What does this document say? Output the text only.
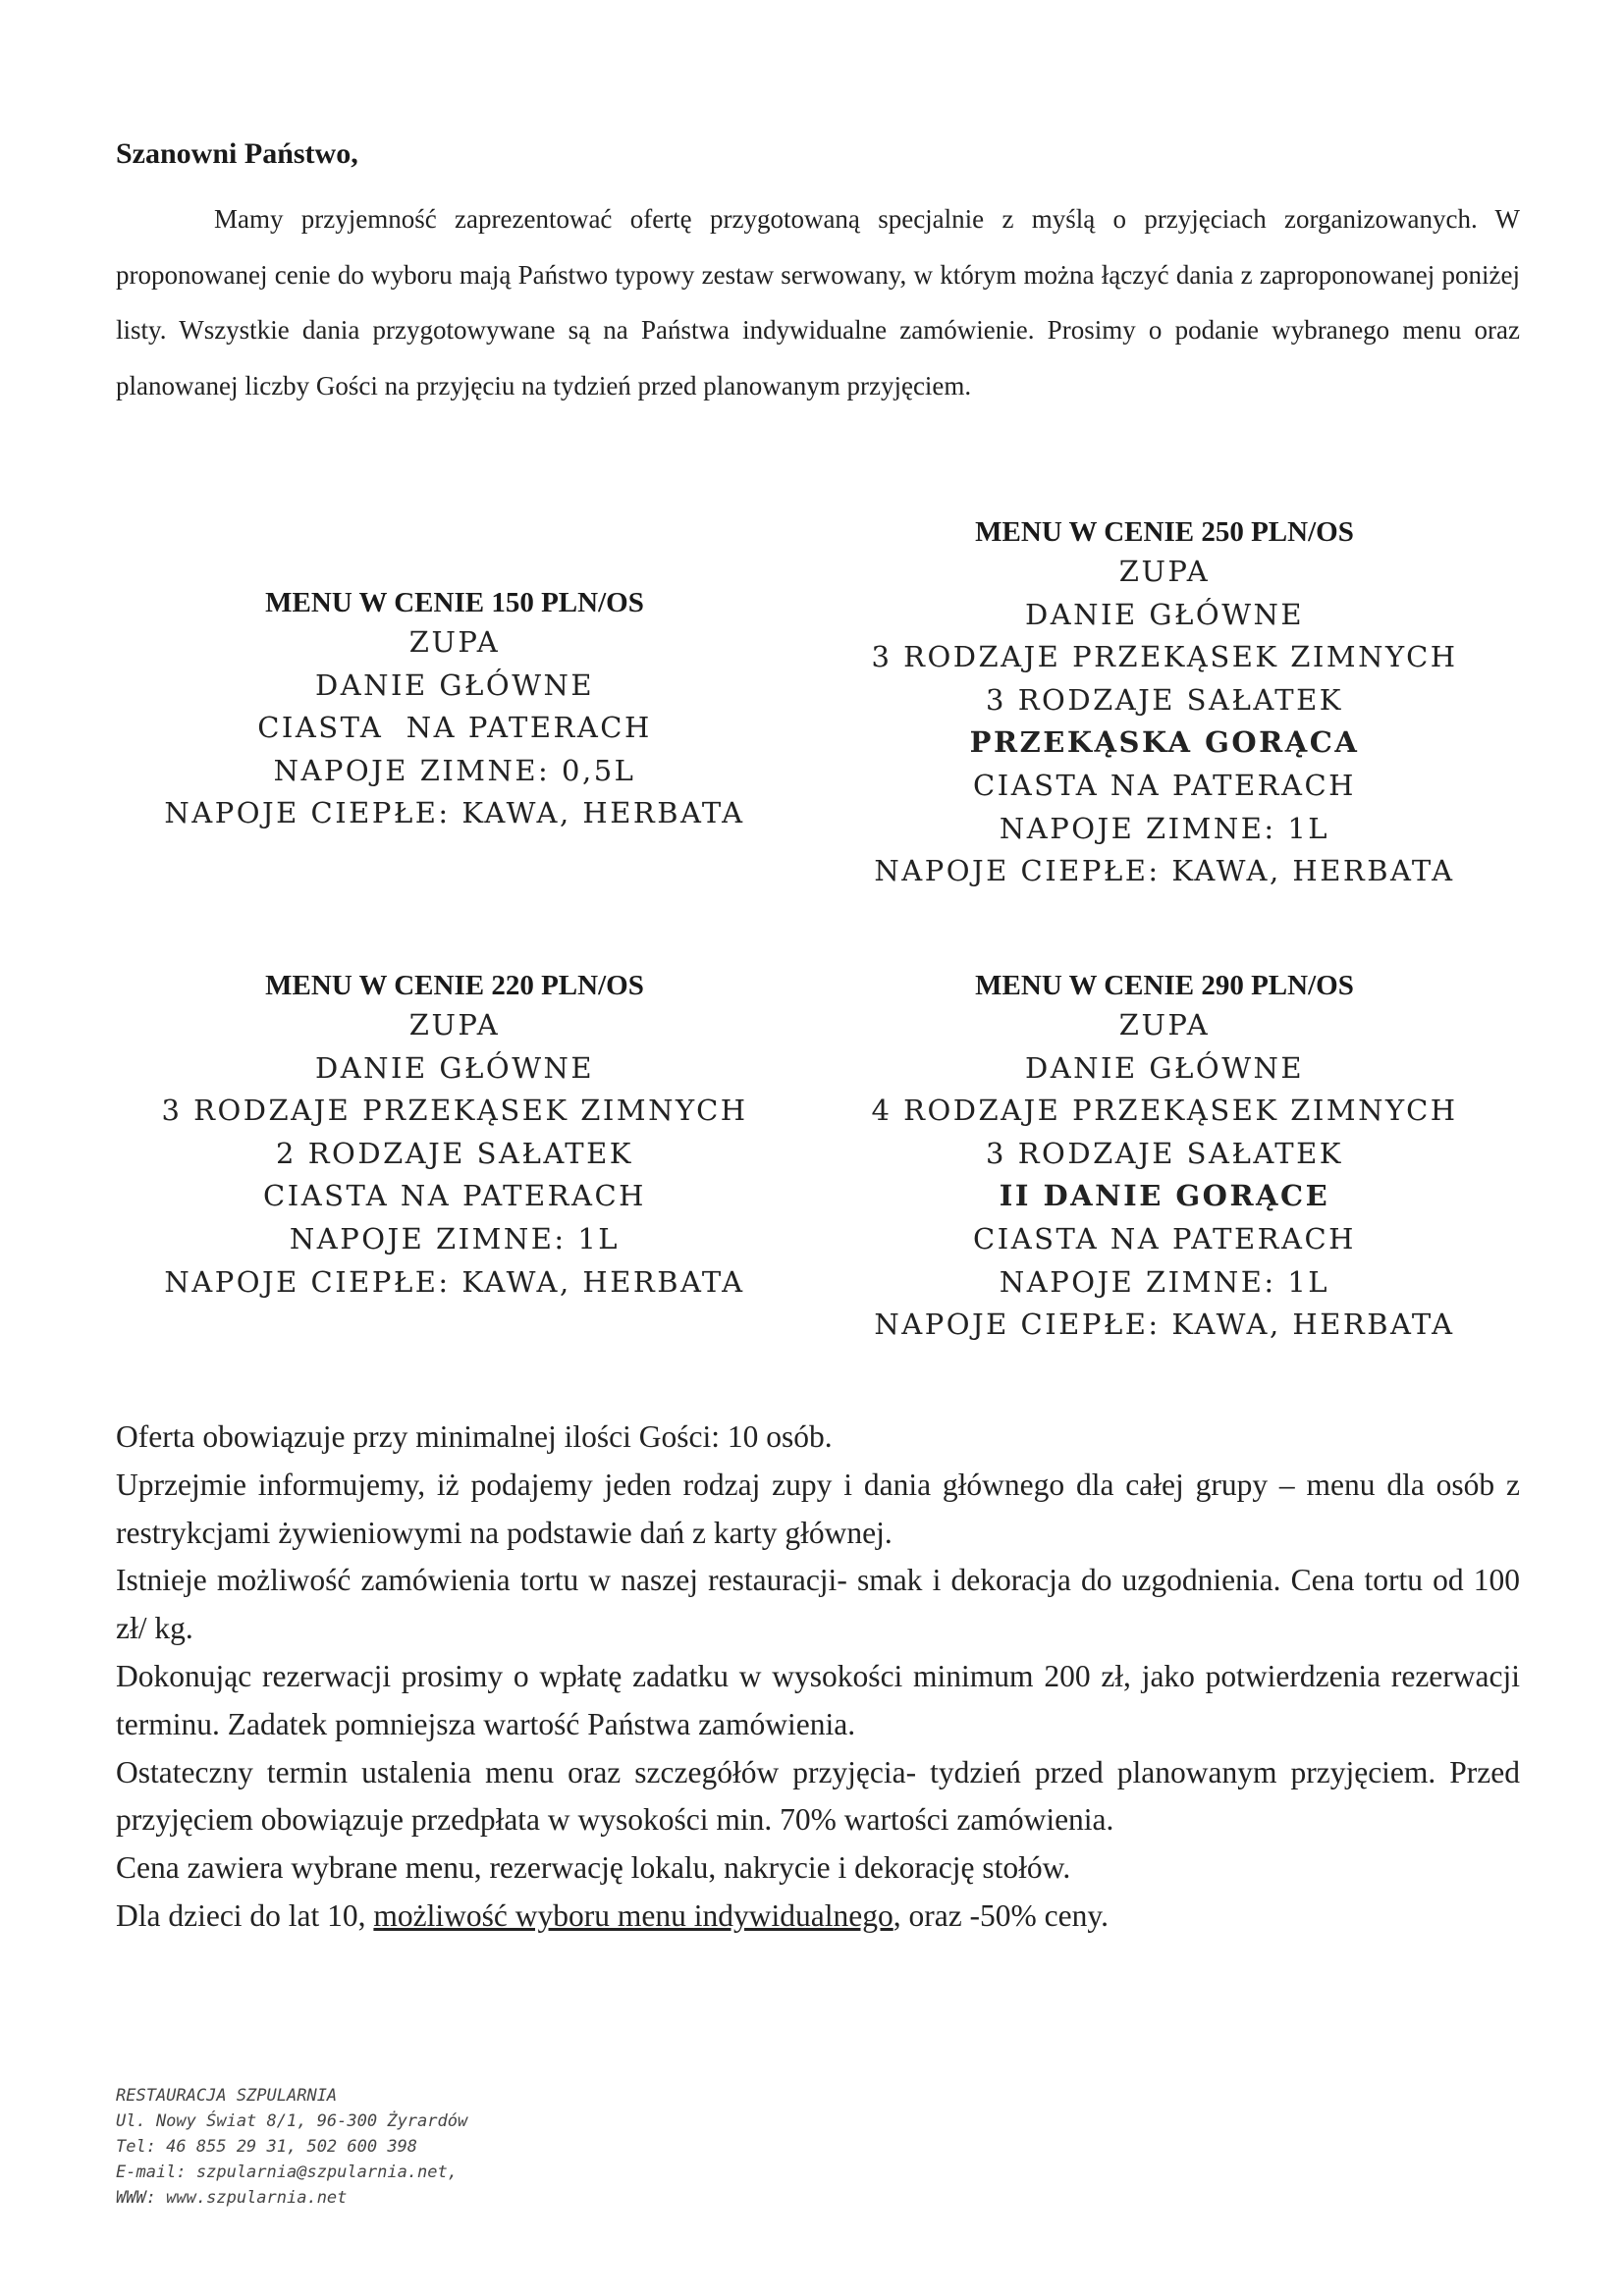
Szanowni Państwo,
Mamy przyjemność zaprezentować ofertę przygotowaną specjalnie z myślą o przyjęciach zorganizowanych. W proponowanej cenie do wyboru mają Państwo typowy zestaw serwowany, w którym można łączyć dania z zaproponowanej poniżej listy. Wszystkie dania przygotowywane są na Państwa indywidualne zamówienie. Prosimy o podanie wybranego menu oraz planowanej liczby Gości na przyjęciu na tydzień przed planowanym przyjęciem.
MENU W CENIE 150 PLN/OS
ZUPA
DANIE GŁÓWNE
CIASTA  NA PATERACH
NAPOJE ZIMNE: 0,5L
NAPOJE CIEPŁE: KAWA, HERBATA
MENU W CENIE 250 PLN/OS
ZUPA
DANIE GŁÓWNE
3 RODZAJE PRZEKĄSEK ZIMNYCH
3 RODZAJE SAŁATEK
PRZEKĄSKA GORĄCA
CIASTA NA PATERACH
NAPOJE ZIMNE: 1L
NAPOJE CIEPŁE: KAWA, HERBATA
MENU W CENIE 220 PLN/OS
ZUPA
DANIE GŁÓWNE
3 RODZAJE PRZEKĄSEK ZIMNYCH
2 RODZAJE SAŁATEK
CIASTA NA PATERACH
NAPOJE ZIMNE: 1L
NAPOJE CIEPŁE: KAWA, HERBATA
MENU W CENIE 290 PLN/OS
ZUPA
DANIE GŁÓWNE
4 RODZAJE PRZEKĄSEK ZIMNYCH
3 RODZAJE SAŁATEK
II DANIE GORĄCE
CIASTA NA PATERACH
NAPOJE ZIMNE: 1L
NAPOJE CIEPŁE: KAWA, HERBATA

Oferta obowiązuje przy minimalnej ilości Gości: 10 osób.

Uprzejmie informujemy, iż podajemy jeden rodzaj zupy i dania głównego dla całej grupy – menu dla osób z restrykcjami żywieniowymi na podstawie dań z karty głównej.

Istnieje możliwość zamówienia tortu w naszej restauracji- smak i dekoracja do uzgodnienia. Cena tortu od 100 zł/ kg.

Dokonując rezerwacji prosimy o wpłatę zadatku w wysokości minimum 200 zł, jako potwierdzenia rezerwacji terminu. Zadatek pomniejsza wartość Państwa zamówienia.

Ostateczny termin ustalenia menu oraz szczegółów przyjęcia- tydzień przed planowanym przyjęciem. Przed przyjęciem obowiązuje przedpłata w wysokości min. 70% wartości zamówienia.

Cena zawiera wybrane menu, rezerwację lokalu, nakrycie i dekorację stołów.

Dla dzieci do lat 10, możliwość wyboru menu indywidualnego, oraz -50% ceny.

RESTAURACJA SZPULARNIA
Ul. Nowy Świat 8/1, 96-300 Żyrardów
Tel: 46 855 29 31, 502 600 398
E-mail: szpularnia@szpularnia.net,
WWW: www.szpularnia.net
